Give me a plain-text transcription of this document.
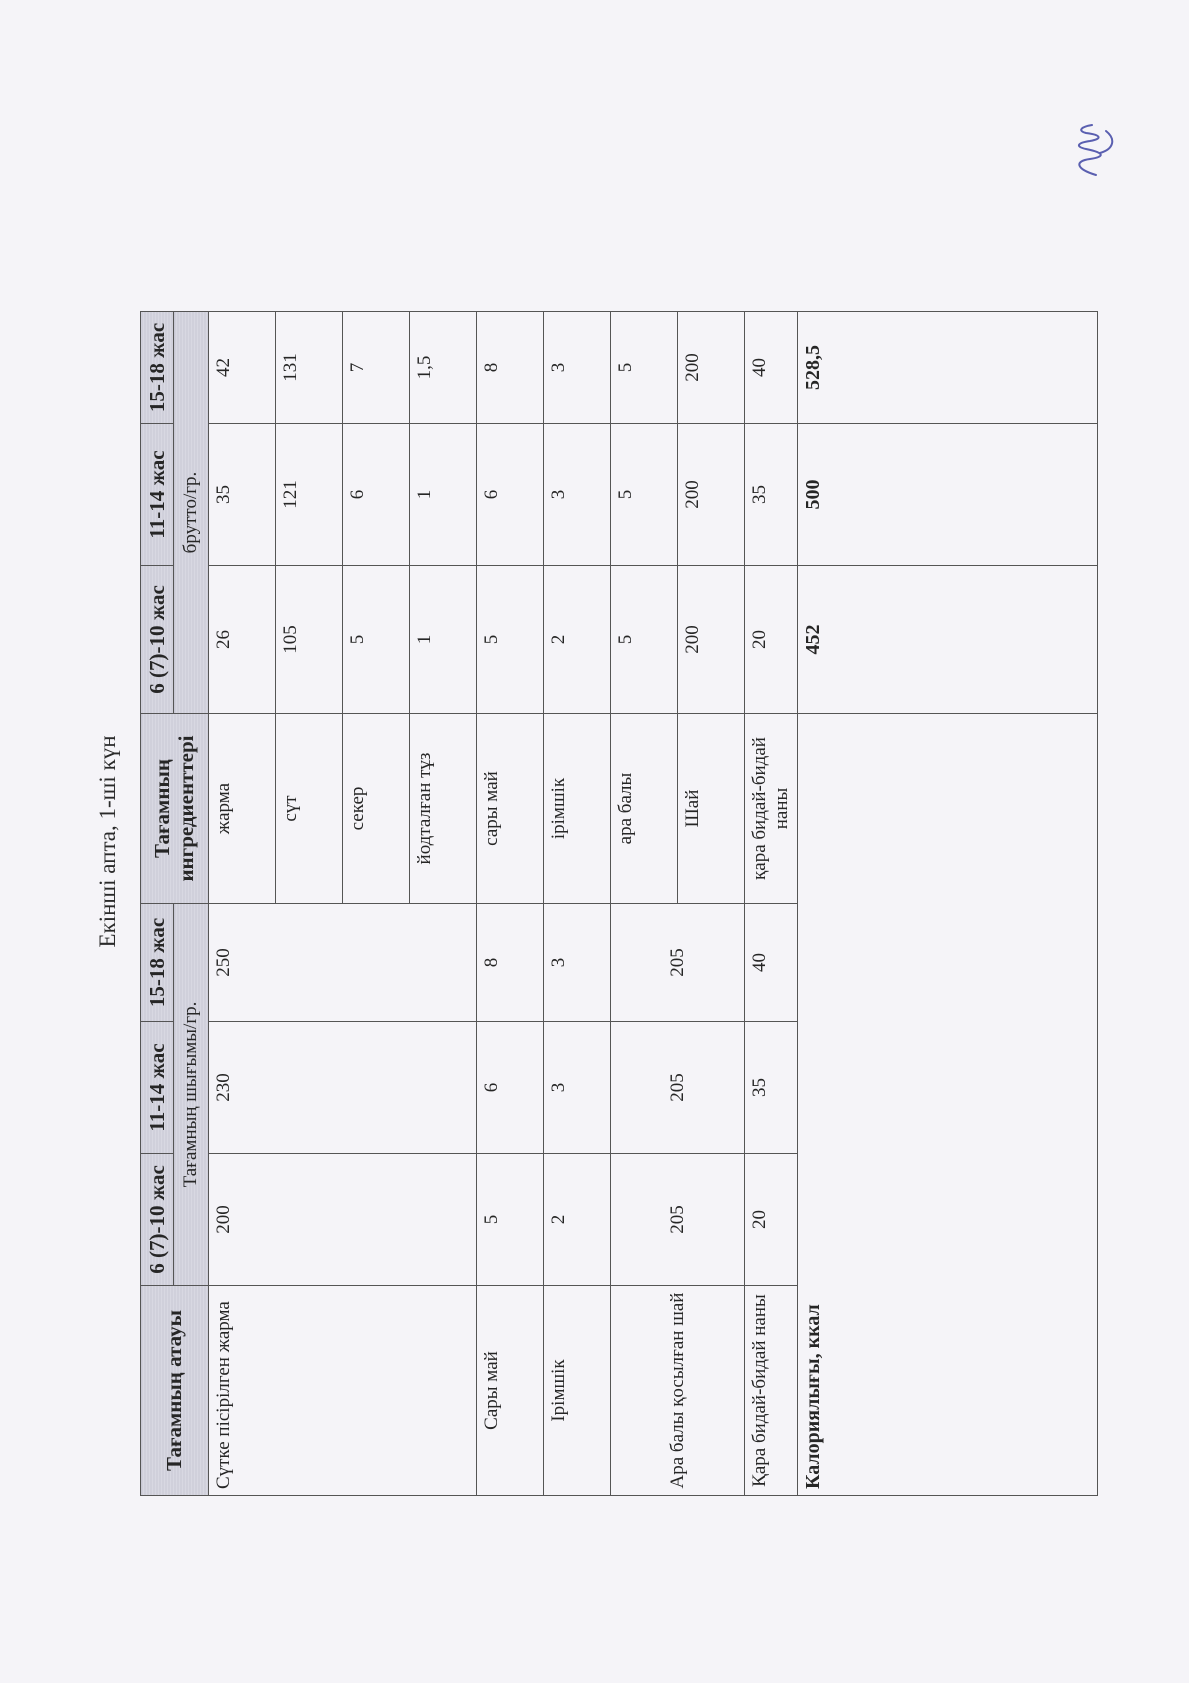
Екінші апта, 1-ші күн
Тағамның атауы	6 (7)-10 жас	11-14 жас	15-18 жас	Тағамның ингредиенттері	6 (7)-10 жас	11-14 жас	15-18 жас	
	Тағамның шығымы/гр.				брутто/гр.			
Сүтке пісірілген жарма	200	230	250	жарма	26	35	42	
				сүт	105	121	131	
				секер	5	6	7	
				йодталған тұз	1	1	1,5	
Сары май	5	6	8	сары май	5	6	8	
Ірімшік	2	3	3	ірімшік	2	3	3	
Ара балы қосылған шай	205	205	205	ара балы	5	5	5	
				Шай	200	200	200	
Қара бидай-бидай наны	20	35	40	қара бидай-бидай наны	20	35	40	
Калориялығы, ккал					452	500	528,5	
